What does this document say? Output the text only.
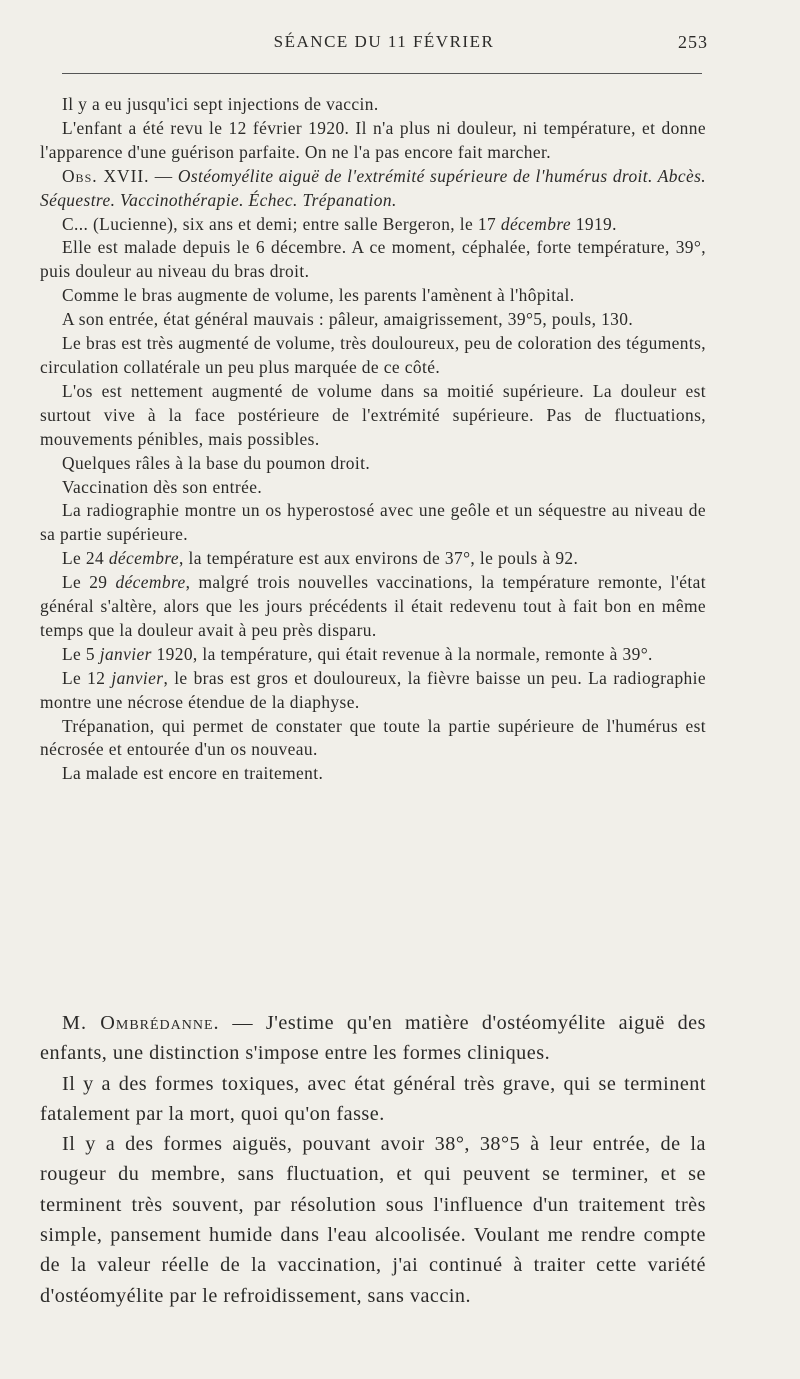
SÉANCE DU 11 FÉVRIER	253

Il y a eu jusqu'ici sept injections de vaccin.

L'enfant a été revu le 12 février 1920. Il n'a plus ni douleur, ni température, et donne l'apparence d'une guérison parfaite. On ne l'a pas encore fait marcher.

Obs. XVII. — Ostéomyélite aiguë de l'extrémité supérieure de l'humérus droit. Abcès. Séquestre. Vaccinothérapie. Échec. Trépanation.

C... (Lucienne), six ans et demi; entre salle Bergeron, le 17 décembre 1919.

Elle est malade depuis le 6 décembre. A ce moment, céphalée, forte température, 39°, puis douleur au niveau du bras droit.

Comme le bras augmente de volume, les parents l'amènent à l'hôpital.

A son entrée, état général mauvais : pâleur, amaigrissement, 39°5, pouls, 130.

Le bras est très augmenté de volume, très douloureux, peu de coloration des téguments, circulation collatérale un peu plus marquée de ce côté.

L'os est nettement augmenté de volume dans sa moitié supérieure. La douleur est surtout vive à la face postérieure de l'extrémité supérieure. Pas de fluctuations, mouvements pénibles, mais possibles.

Quelques râles à la base du poumon droit.

Vaccination dès son entrée.

La radiographie montre un os hyperostosé avec une geôle et un séquestre au niveau de sa partie supérieure.

Le 24 décembre, la température est aux environs de 37°, le pouls à 92.

Le 29 décembre, malgré trois nouvelles vaccinations, la température remonte, l'état général s'altère, alors que les jours précédents il était redevenu tout à fait bon en même temps que la douleur avait à peu près disparu.

Le 5 janvier 1920, la température, qui était revenue à la normale, remonte à 39°.

Le 12 janvier, le bras est gros et douloureux, la fièvre baisse un peu. La radiographie montre une nécrose étendue de la diaphyse.

Trépanation, qui permet de constater que toute la partie supérieure de l'humérus est nécrosée et entourée d'un os nouveau.

La malade est encore en traitement.

M. Ombrédanne. — J'estime qu'en matière d'ostéomyélite aiguë des enfants, une distinction s'impose entre les formes cliniques.

Il y a des formes toxiques, avec état général très grave, qui se terminent fatalement par la mort, quoi qu'on fasse.

Il y a des formes aiguës, pouvant avoir 38°, 38°5 à leur entrée, de la rougeur du membre, sans fluctuation, et qui peuvent se terminer, et se terminent très souvent, par résolution sous l'influence d'un traitement très simple, pansement humide dans l'eau alcoolisée. Voulant me rendre compte de la valeur réelle de la vaccination, j'ai continué à traiter cette variété d'ostéomyélite par le refroidissement, sans vaccin.
